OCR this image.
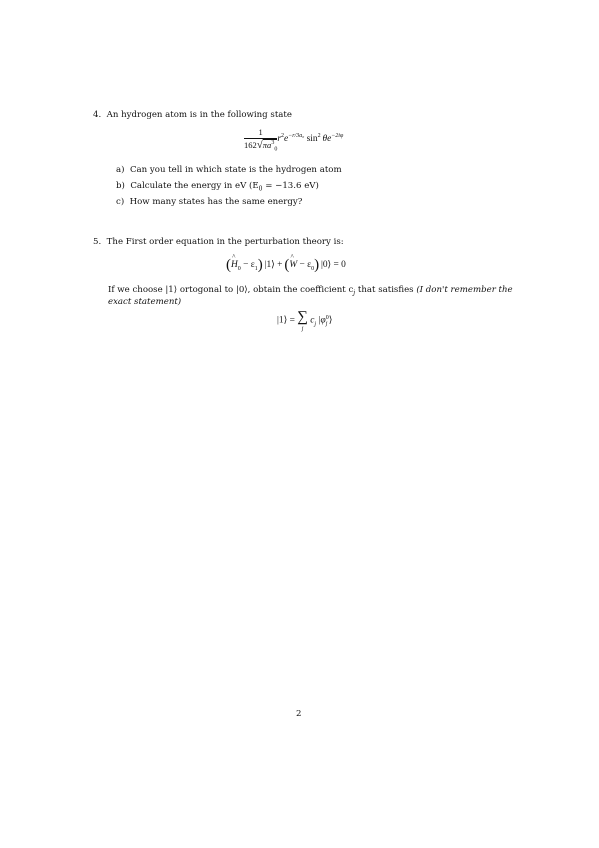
4. An hydrogen atom is in the following state
$\frac{1}{162√\pi a^3_0} r^2e^{-r/3a_0}$ $\sin^2 \theta e^{-2i\varphi}$
a) Can you tell in which state is the hydrogen atom
b) Calculate the energy in eV ($E_0 = -13.6$ eV)
c) How many states has the same energy?
5. The First order equation in the perturbation theory is:
(^ $H_0 - \varepsilon_1$)  |1⟩ +  (^ $W - \varepsilon_0$)  |0⟩ = 0
If we choose |1⟩ ortogonal to |0⟩, obtain the coefficient $c_j$ that satisfies (I don't remember the
exact statement)
|1⟩ = ∑
j
$c_j$  |φ 0
j ⟩
2
